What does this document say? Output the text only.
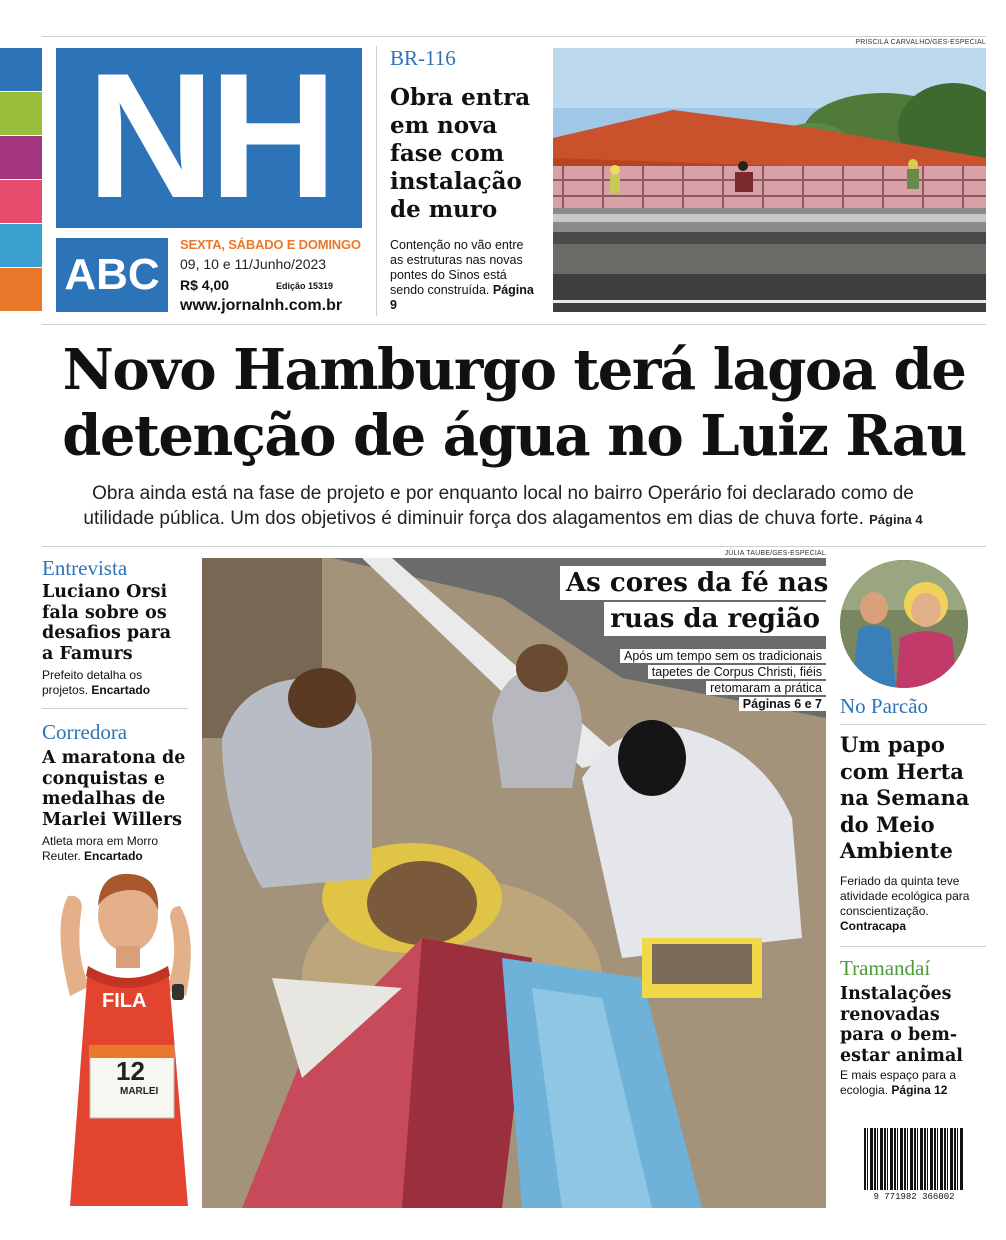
NH
ABC
SEXTA, SÁBADO E DOMINGO
09, 10 e 11/Junho/2023
R$ 4,00	Edição 15319
www.jornalnh.com.br
BR-116
Obra entra em nova fase com instalação de muro
Contenção no vão entre as estruturas nas novas pontes do Sinos está sendo construída. Página 9
PRISCILA CARVALHO/GES-ESPECIAL
Novo Hamburgo terá lagoa de
detenção de água no Luiz Rau
Obra ainda está na fase de projeto e por enquanto local no bairro Operário foi declarado como de
utilidade pública. Um dos objetivos é diminuir força dos alagamentos em dias de chuva forte. Página 4
Entrevista
Luciano Orsi fala sobre os desafios para a Famurs
Prefeito detalha os projetos. Encartado
Corredora
A maratona de conquistas e medalhas de Marlei Willers
Atleta mora em Morro Reuter. Encartado
FILA
12
MARLEI
JÚLIA TAUBE/GES-ESPECIAL
As cores da fé nas
ruas da região
Após um tempo sem os tradicionais
tapetes de Corpus Christi, fiéis
retomaram a prática
Páginas 6 e 7 No Parcão
Um papo com Herta na Semana do Meio Ambiente
Feriado da quinta teve atividade ecológica para conscientização. Contracapa
Tramandaí
Instalações renovadas para o bem-estar animal
E mais espaço para a ecologia. Página 12
9 771982 366002
